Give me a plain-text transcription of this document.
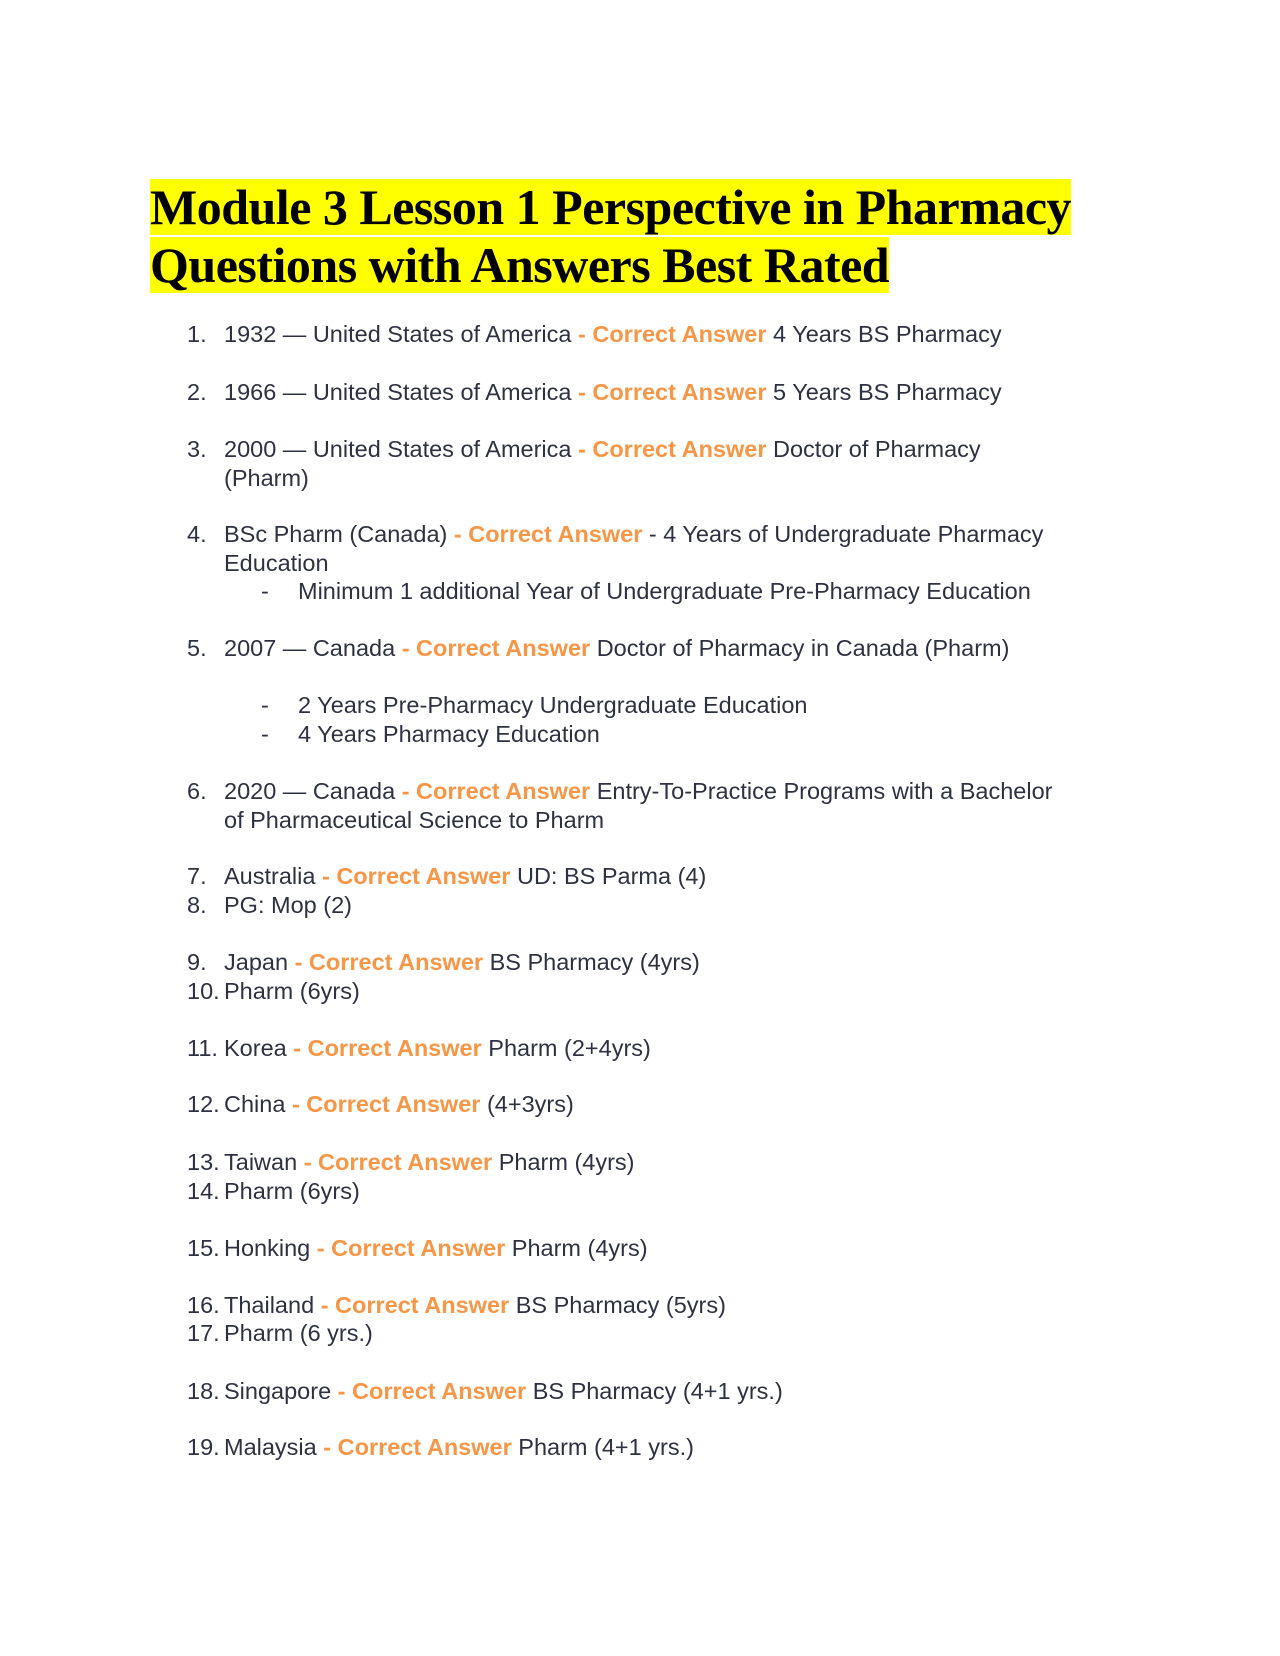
Module 3 Lesson 1 Perspective in Pharmacy
Questions with Answers Best Rated
1. 1932 — United States of America - Correct Answer 4 Years BS Pharmacy
2. 1966 — United States of America - Correct Answer 5 Years BS Pharmacy
3. 2000 — United States of America - Correct Answer Doctor of Pharmacy
(Pharm)
4. BSc Pharm (Canada) - Correct Answer - 4 Years of Undergraduate Pharmacy
Education
- Minimum 1 additional Year of Undergraduate Pre-Pharmacy Education
5. 2007 — Canada - Correct Answer Doctor of Pharmacy in Canada (Pharm)
- 2 Years Pre-Pharmacy Undergraduate Education
- 4 Years Pharmacy Education
6. 2020 — Canada - Correct Answer Entry-To-Practice Programs with a Bachelor
of Pharmaceutical Science to Pharm
7. Australia - Correct Answer UD: BS Parma (4)
8. PG: Mop (2)
9. Japan - Correct Answer BS Pharmacy (4yrs)
10. Pharm (6yrs)
11. Korea - Correct Answer Pharm (2+4yrs)
12. China - Correct Answer (4+3yrs)
13. Taiwan - Correct Answer Pharm (4yrs)
14. Pharm (6yrs)
15. Honking - Correct Answer Pharm (4yrs)
16. Thailand - Correct Answer BS Pharmacy (5yrs)
17. Pharm (6 yrs.)
18. Singapore - Correct Answer BS Pharmacy (4+1 yrs.)
19. Malaysia - Correct Answer Pharm (4+1 yrs.)
